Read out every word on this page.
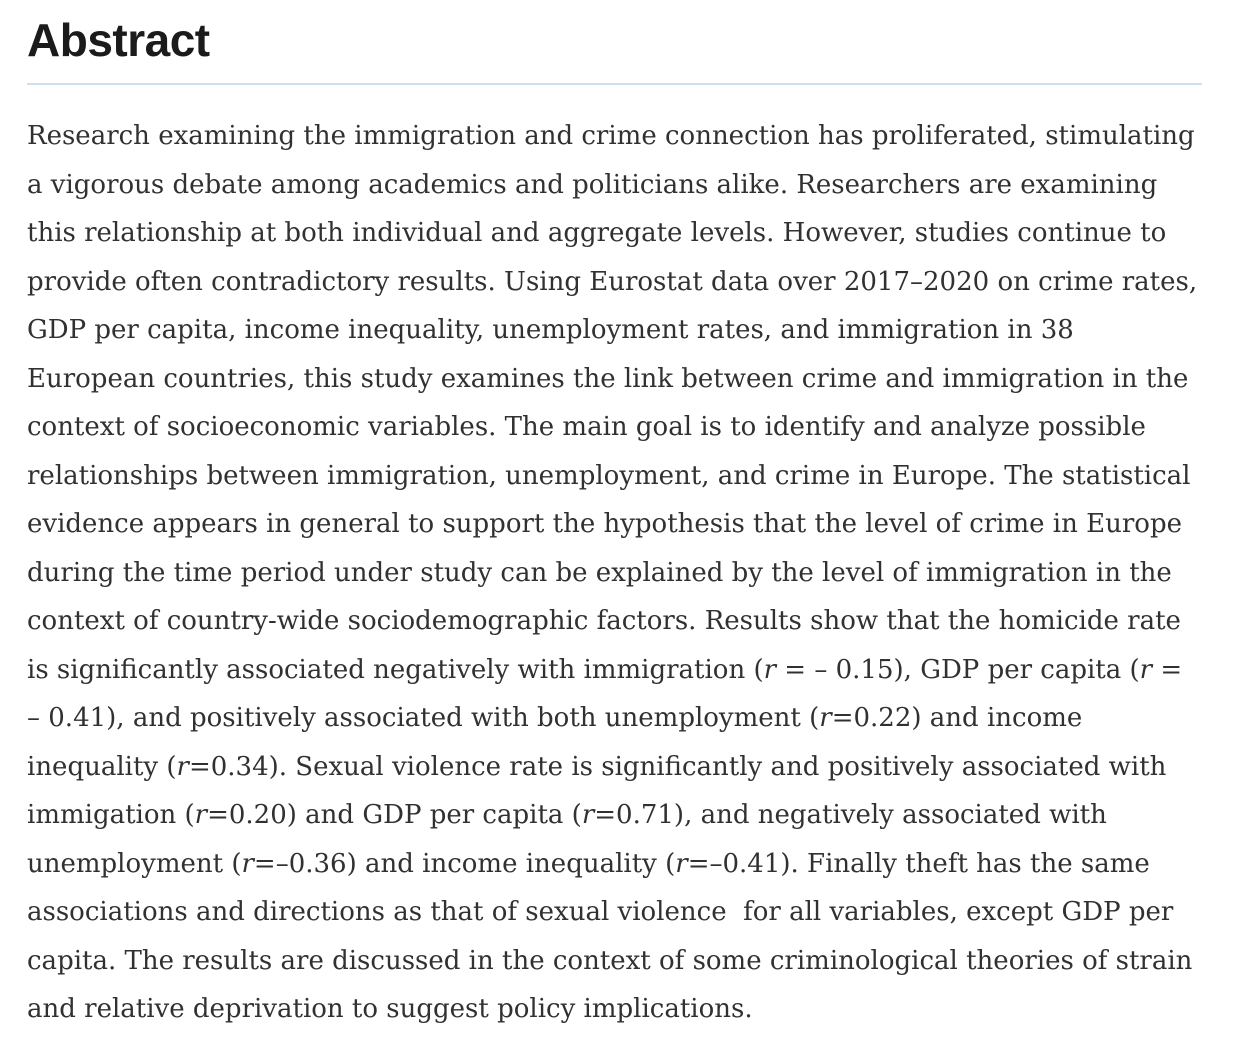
Abstract

Research examining the immigration and crime connection has proliferated, stimulating a vigorous debate among academics and politicians alike. Researchers are examining this relationship at both individual and aggregate levels. However, studies continue to provide often contradictory results. Using Eurostat data over 2017–2020 on crime rates, GDP per capita, income inequality, unemployment rates, and immigration in 38 European countries, this study examines the link between crime and immigration in the context of socioeconomic variables. The main goal is to identify and analyze possible relationships between immigration, unemployment, and crime in Europe. The statistical evidence appears in general to support the hypothesis that the level of crime in Europe during the time period under study can be explained by the level of immigration in the context of country-wide sociodemographic factors. Results show that the homicide rate is significantly associated negatively with immigration (r = – 0.15), GDP per capita (r = – 0.41), and positively associated with both unemployment (r=0.22) and income inequality (r=0.34). Sexual violence rate is significantly and positively associated with immigation (r=0.20) and GDP per capita (r=0.71), and negatively associated with unemployment (r=–0.36) and income inequality (r=–0.41). Finally theft has the same associations and directions as that of sexual violence  for all variables, except GDP per capita. The results are discussed in the context of some criminological theories of strain and relative deprivation to suggest policy implications.
